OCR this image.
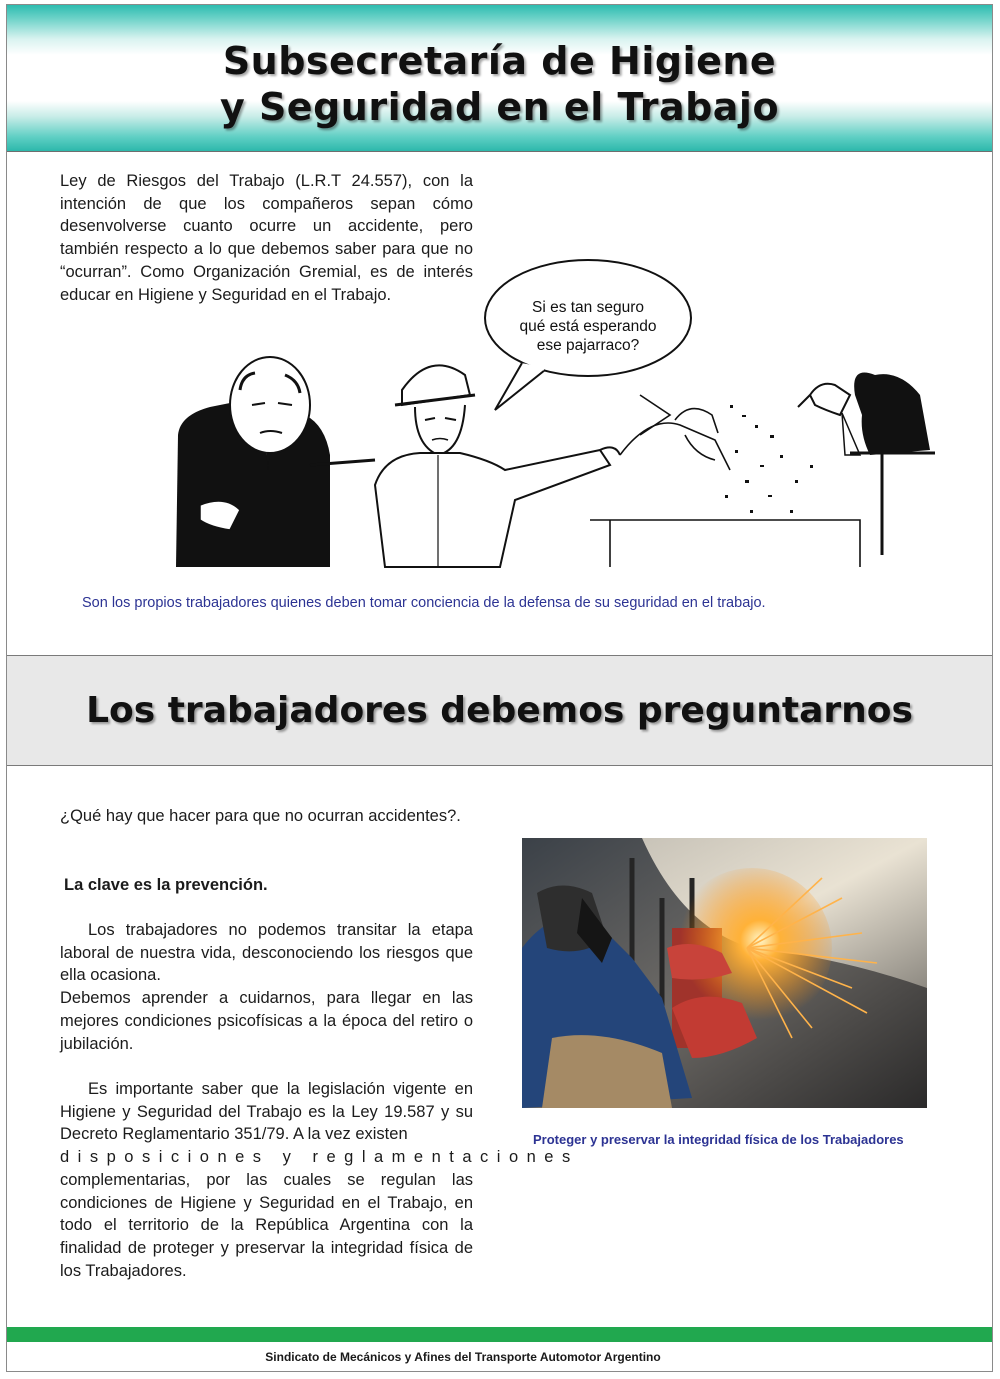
Subsecretaría de Higiene
y Seguridad en el Trabajo

Ley de Riesgos del Trabajo (L.R.T 24.557), con la intención de que los compañeros sepan cómo desenvolverse cuanto ocurre un accidente, pero también respecto a lo que debemos saber para que no “ocurran”. Como Organización Gremial, es de interés educar en Higiene y Seguridad en el Trabajo.

Si es tan seguro
qué está esperando
ese pajarraco?

Son los propios trabajadores quienes deben tomar conciencia de la defensa de su seguridad en el trabajo.

Los trabajadores debemos preguntarnos

¿Qué hay que hacer para que no ocurran accidentes?.

La clave es la prevención.

Los trabajadores no podemos transitar la etapa laboral de nuestra vida, desconociendo los riesgos que ella ocasiona.
Debemos aprender a cuidarnos, para llegar en las mejores condiciones psicofísicas a la época del retiro o jubilación.
Es importante saber que la legislación vigente en Higiene y Seguridad del Trabajo es la Ley 19.587 y su Decreto Reglamentario 351/79. A la vez existen
disposiciones y reglamentaciones
complementarias, por las cuales se regulan las condiciones de Higiene y Seguridad en el Trabajo, en todo el territorio de la República Argentina con la finalidad de proteger y preservar la integridad física de los Trabajadores.

Proteger y preservar la integridad física de los Trabajadores

Sindicato de Mecánicos y Afines del Transporte Automotor Argentino
